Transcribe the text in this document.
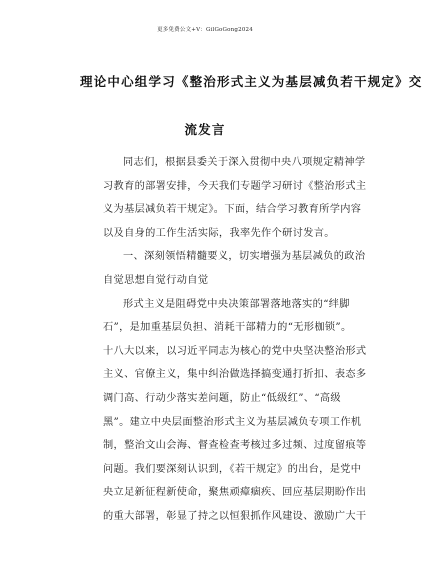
更多免费公文+V：GilGoGong2024
理论中心组学习《整治形式主义为基层减负若干规定》交
流发言
同志们，根据县委关于深入贯彻中央八项规定精神学
习教育的部署安排，今天我们专题学习研讨《整治形式主
义为基层减负若干规定》。下面，结合学习教育所学内容
以及自身的工作生活实际，我率先作个研讨发言。
一、深刻领悟精髓要义，切实增强为基层减负的政治
自觉思想自觉行动自觉
形式主义是阻碍党中央决策部署落地落实的“绊脚
石”，是加重基层负担、消耗干部精力的“无形枷锁”。
十八大以来，以习近平同志为核心的党中央坚决整治形式
主义、官僚主义，集中纠治做选择搞变通打折扣、表态多
调门高、行动少落实差问题，防止“低级红”、“高级
黑”。建立中央层面整治形式主义为基层减负专项工作机
制，整治文山会海、督查检查考核过多过频、过度留痕等
问题。我们要深刻认识到，《若干规定》的出台，是党中
央立足新征程新使命，聚焦顽瘴痼疾、回应基层期盼作出
的重大部署，彰显了持之以恒狠抓作风建设、激励广大干
